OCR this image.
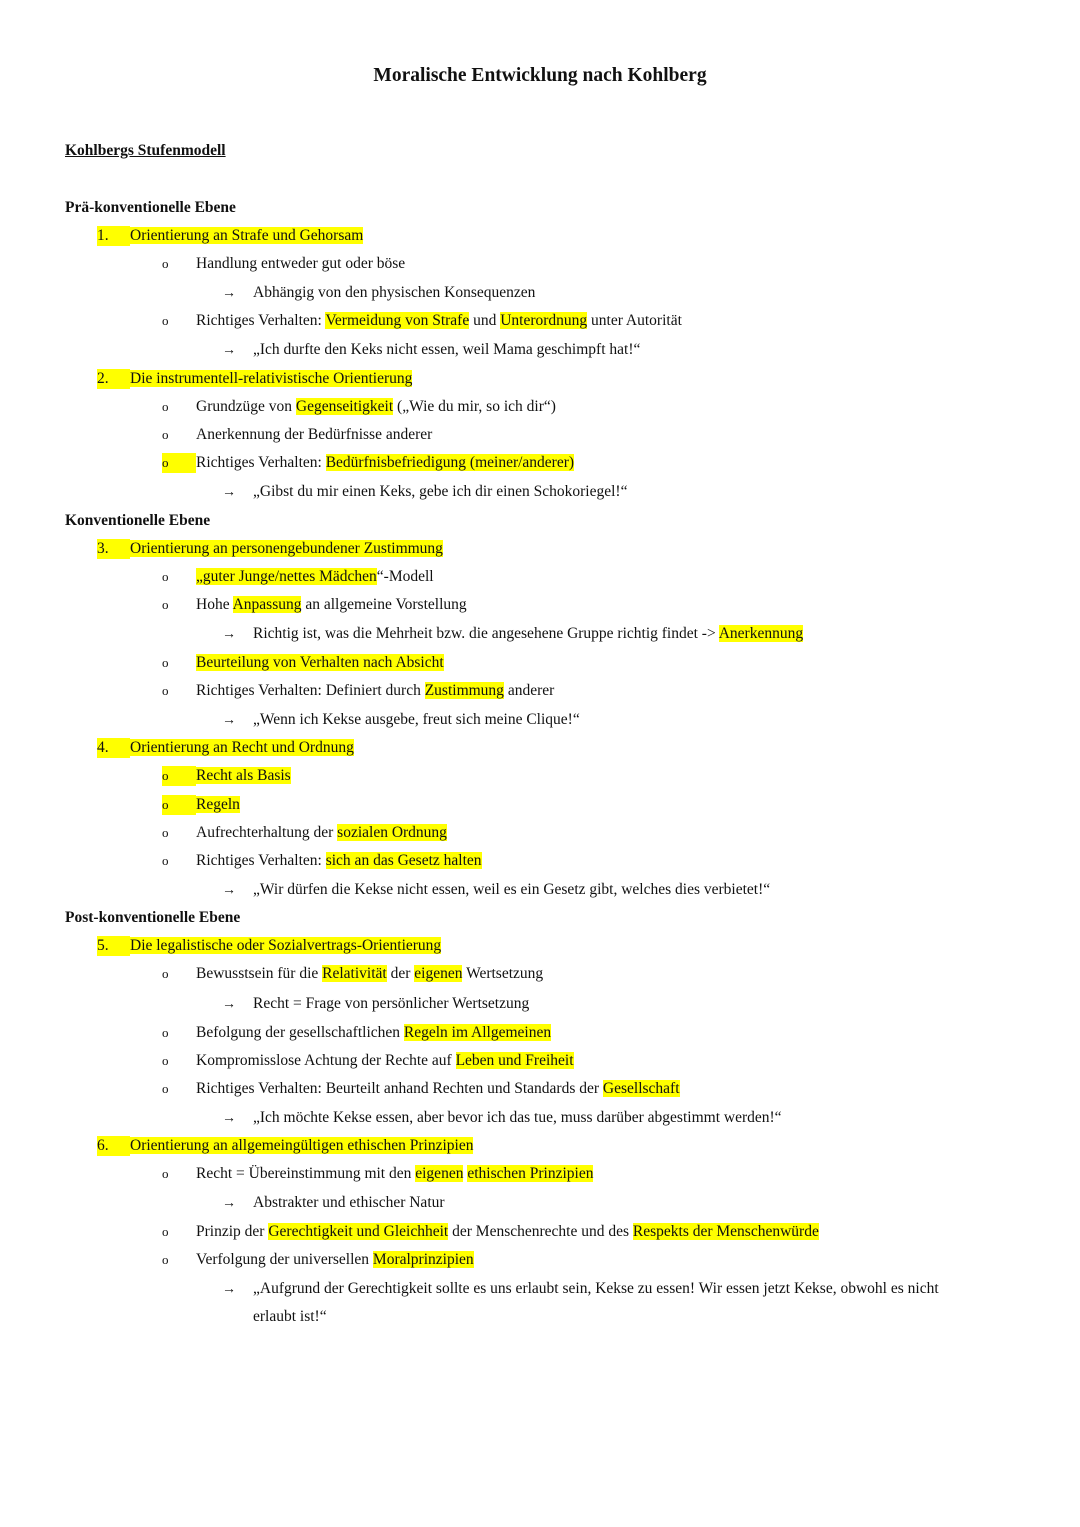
Moralische Entwicklung nach Kohlberg
Kohlbergs Stufenmodell
Prä-konventionelle Ebene
1. Orientierung an Strafe und Gehorsam
o Handlung entweder gut oder böse
→ Abhängig von den physischen Konsequenzen
o Richtiges Verhalten: Vermeidung von Strafe und Unterordnung unter Autorität
→ „Ich durfte den Keks nicht essen, weil Mama geschimpft hat!“
2. Die instrumentell-relativistische Orientierung
o Grundzüge von Gegenseitigkeit („Wie du mir, so ich dir“)
o Anerkennung der Bedürfnisse anderer
o Richtiges Verhalten: Bedürfnisbefriedigung (meiner/anderer)
→ „Gibst du mir einen Keks, gebe ich dir einen Schokoriegel!“
Konventionelle Ebene
3. Orientierung an personengebundener Zustimmung
o „guter Junge/nettes Mädchen“-Modell
o Hohe Anpassung an allgemeine Vorstellung
→ Richtig ist, was die Mehrheit bzw. die angesehene Gruppe richtig findet -> Anerkennung
o Beurteilung von Verhalten nach Absicht
o Richtiges Verhalten: Definiert durch Zustimmung anderer
→ „Wenn ich Kekse ausgebe, freut sich meine Clique!“
4. Orientierung an Recht und Ordnung
o Recht als Basis
o Regeln
o Aufrechterhaltung der sozialen Ordnung
o Richtiges Verhalten: sich an das Gesetz halten
→ „Wir dürfen die Kekse nicht essen, weil es ein Gesetz gibt, welches dies verbietet!“
Post-konventionelle Ebene
5. Die legalistische oder Sozialvertrags-Orientierung
o Bewusstsein für die Relativität der eigenen Wertsetzung
→ Recht = Frage von persönlicher Wertsetzung
o Befolgung der gesellschaftlichen Regeln im Allgemeinen
o Kompromisslose Achtung der Rechte auf Leben und Freiheit
o Richtiges Verhalten: Beurteilt anhand Rechten und Standards der Gesellschaft
→ „Ich möchte Kekse essen, aber bevor ich das tue, muss darüber abgestimmt werden!“
6. Orientierung an allgemeingültigen ethischen Prinzipien
o Recht = Übereinstimmung mit den eigenen ethischen Prinzipien
→ Abstrakter und ethischer Natur
o Prinzip der Gerechtigkeit und Gleichheit der Menschenrechte und des Respekts der Menschenwürde
o Verfolgung der universellen Moralprinzipien
→ „Aufgrund der Gerechtigkeit sollte es uns erlaubt sein, Kekse zu essen! Wir essen jetzt Kekse, obwohl es nicht
erlaubt ist!“
